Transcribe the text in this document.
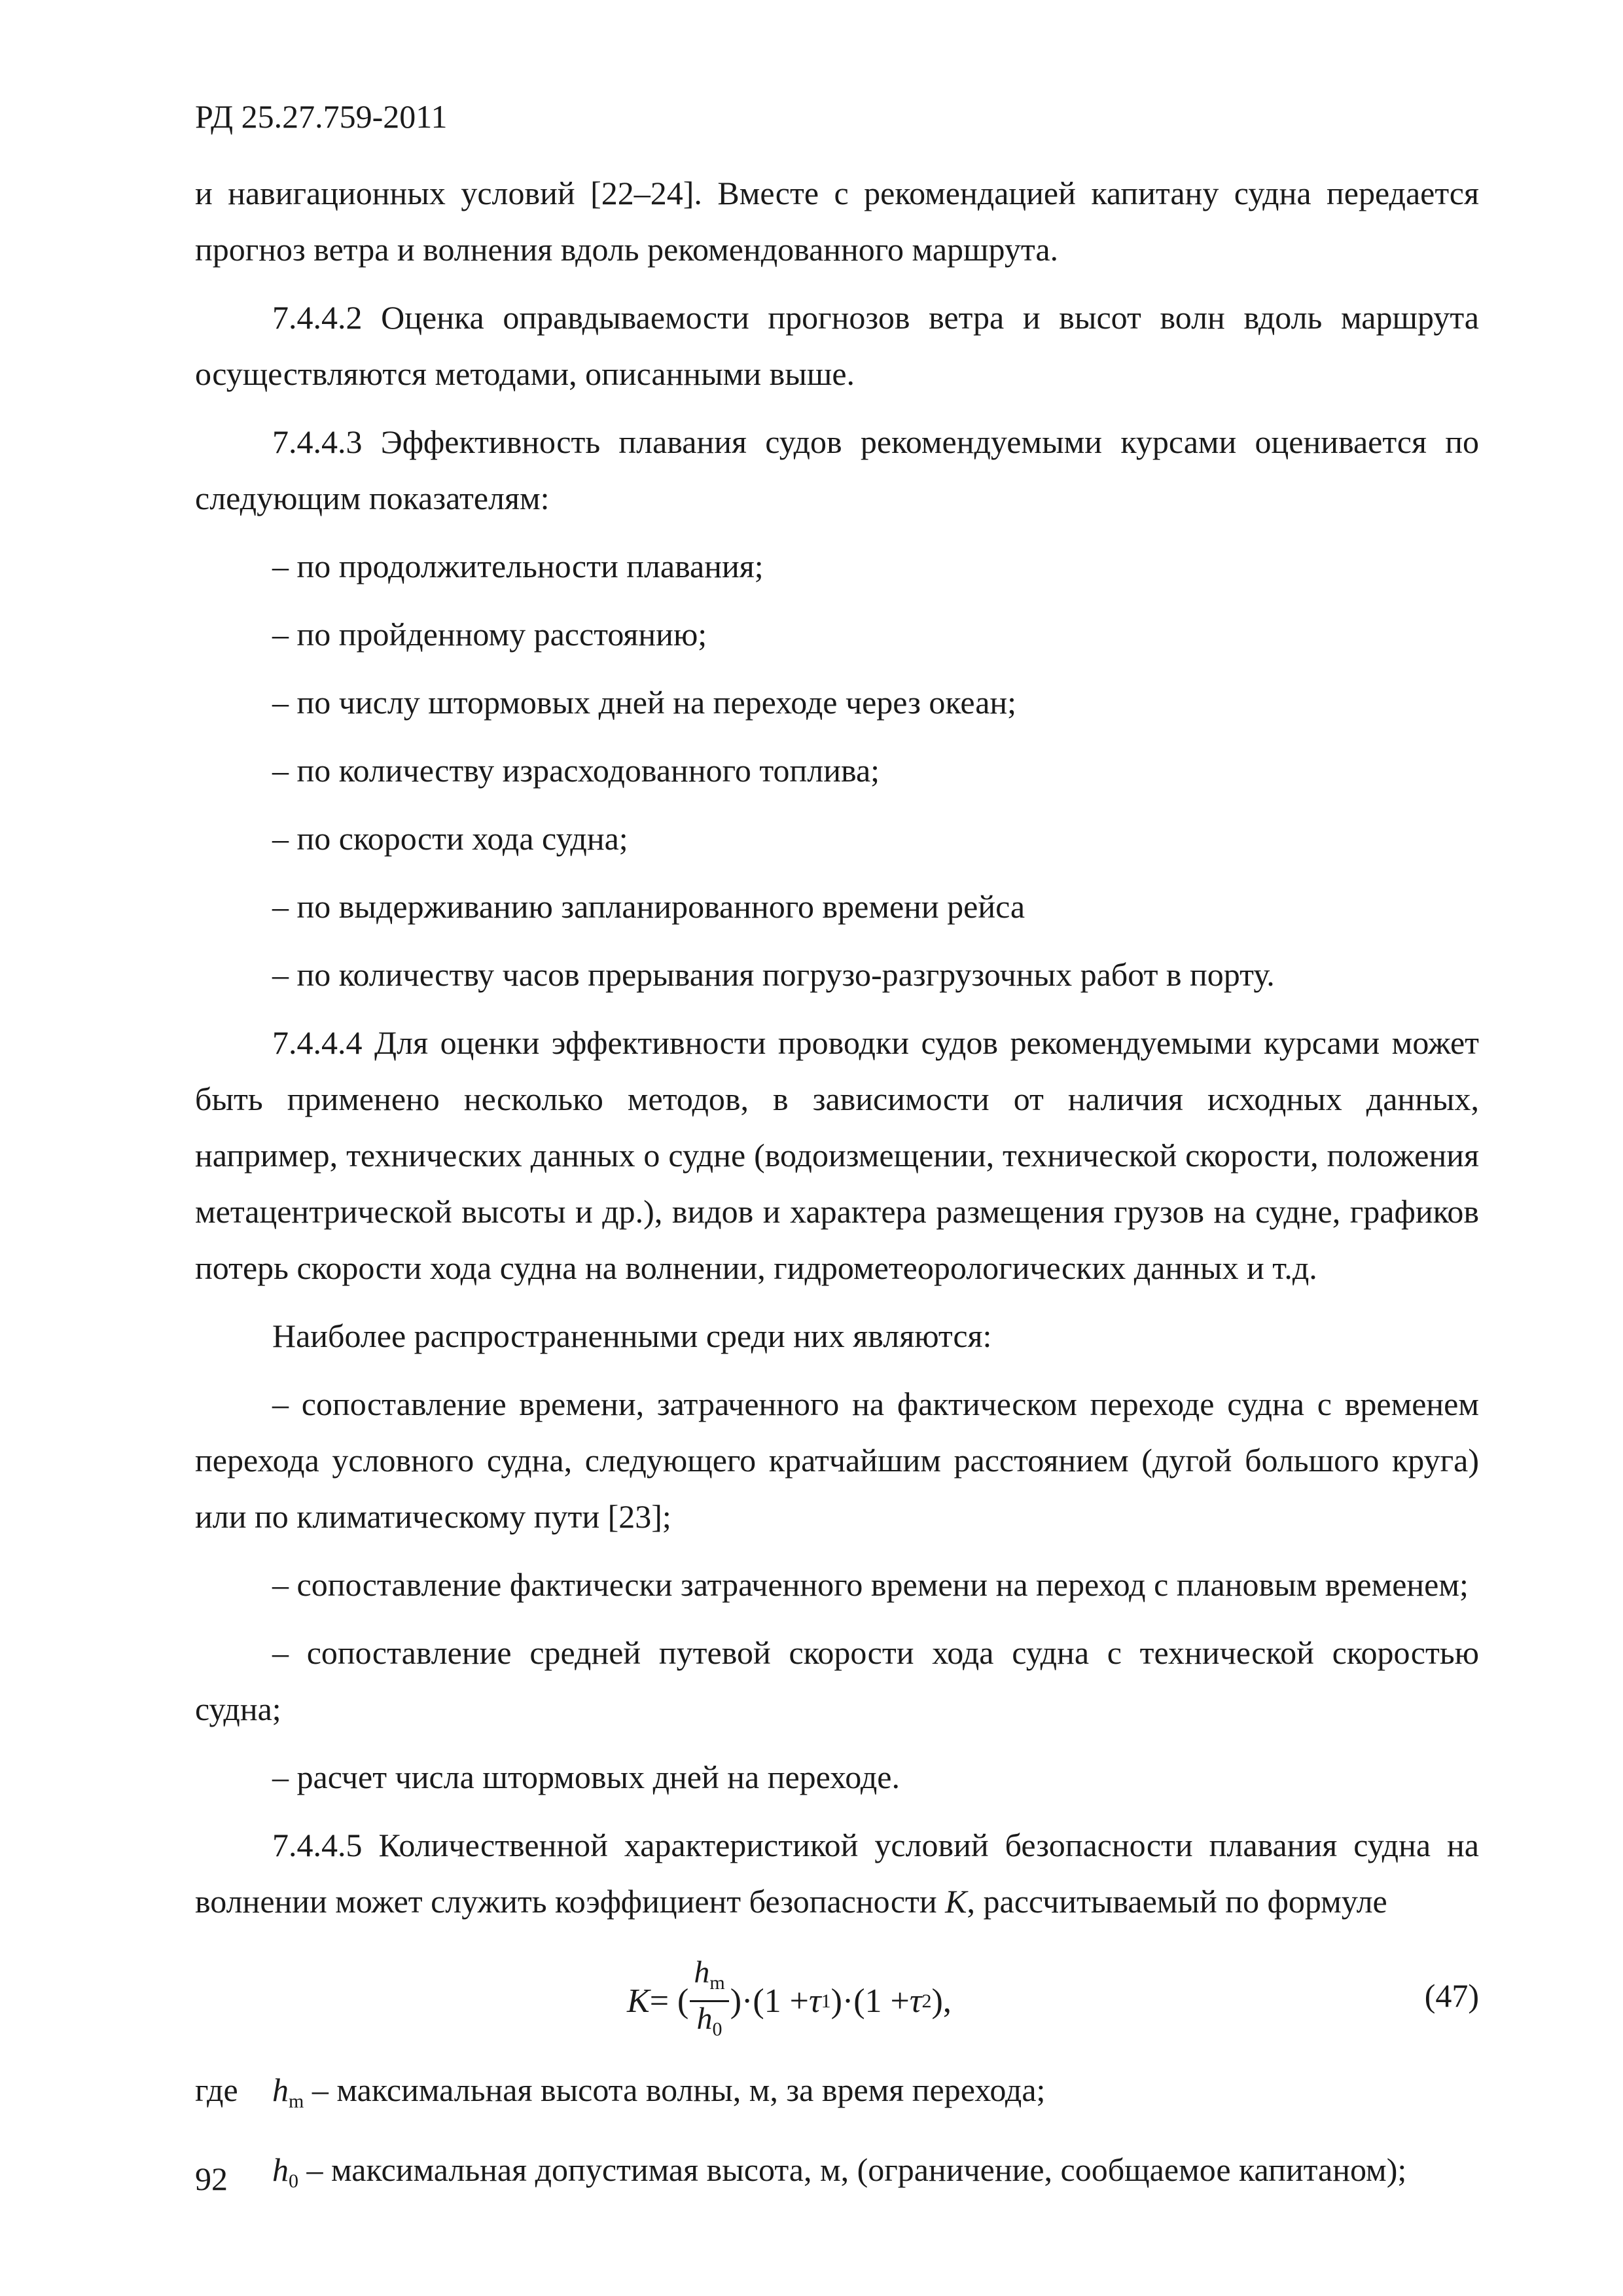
РД 25.27.759-2011

и навигационных условий [22–24]. Вместе с рекомендацией капитану судна передается прогноз ветра и волнения вдоль рекомендованного маршрута.

7.4.4.2 Оценка оправдываемости прогнозов ветра и высот волн вдоль маршрута осуществляются методами, описанными выше.

7.4.4.3 Эффективность плавания судов рекомендуемыми курсами оценивается по следующим показателям:

– по продолжительности плавания;

– по пройденному расстоянию;

– по числу штормовых дней на переходе через океан;

– по количеству израсходованного топлива;

– по скорости хода судна;

– по выдерживанию запланированного времени рейса

– по количеству часов прерывания погрузо-разгрузочных работ в порту.

7.4.4.4 Для оценки эффективности проводки судов рекомендуемыми курсами может быть применено несколько методов, в зависимости от наличия исходных данных, например, технических данных о судне (водоизмещении, технической скорости, положения метацентрической высоты и др.), видов и характера размещения грузов на судне, графиков потерь скорости хода судна на волнении, гидрометеорологических данных и т.д.

Наиболее распространенными среди них являются:

– сопоставление времени, затраченного на фактическом переходе судна с временем перехода условного судна, следующего кратчайшим расстоянием (дугой большого круга) или по климатическому пути [23];

– сопоставление фактически затраченного времени на переход с плановым временем;

– сопоставление средней путевой скорости хода судна с технической скоростью судна;

– расчет числа штормовых дней на переходе.

7.4.4.5 Количественной характеристикой условий безопасности плавания судна на волнении может служить коэффициент безопасности K, рассчитываемый по формуле

K = ( $\frac{h_m}{h_0} )\cdot(1 + \tau$ 1 )·(1 + τ 2 ),	(47)

где	$h_m$ – максимальная высота волны, м, за время перехода;

$h_0$ – максимальная допустимая высота, м, (ограничение, сообщаемое капитаном);

92
